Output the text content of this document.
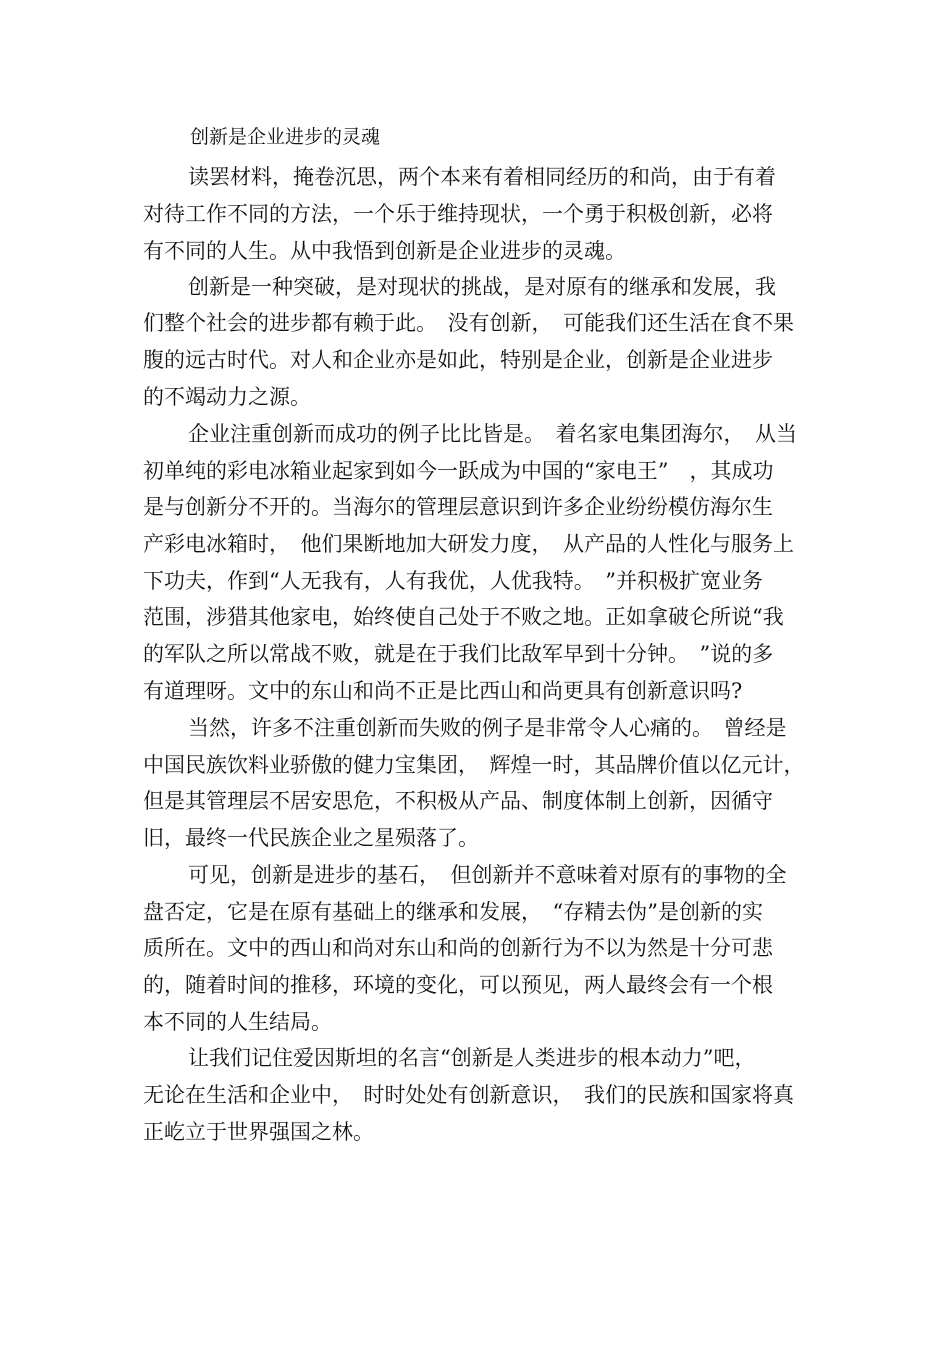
创新是企业进步的灵魂
读罢材料，掩卷沉思，两个本来有着相同经历的和尚，由于有着
对待工作不同的方法，一个乐于维持现状，一个勇于积极创新，必将
有不同的人生。从中我悟到创新是企业进步的灵魂。
创新是一种突破，是对现状的挑战，是对原有的继承和发展，我
们整个社会的进步都有赖于此。　没有创新，　可能我们还生活在食不果
腹的远古时代。对人和企业亦是如此，特别是企业，创新是企业进步
的不竭动力之源。
企业注重创新而成功的例子比比皆是。　着名家电集团海尔，　从当
初单纯的彩电冰箱业起家到如今一跃成为中国的“家电王”　，其成功
是与创新分不开的。当海尔的管理层意识到许多企业纷纷模仿海尔生
产彩电冰箱时，　他们果断地加大研发力度，　从产品的人性化与服务上
下功夫，作到“人无我有，人有我优，人优我特。　”并积极扩宽业务
范围，涉猎其他家电，始终使自己处于不败之地。正如拿破仑所说“我
的军队之所以常战不败，就是在于我们比敌军早到十分钟。　”说的多
有道理呀。文中的东山和尚不正是比西山和尚更具有创新意识吗?
当然，许多不注重创新而失败的例子是非常令人心痛的。　曾经是
中国民族饮料业骄傲的健力宝集团，　辉煌一时，其品牌价值以亿元计，
但是其管理层不居安思危，不积极从产品、制度体制上创新，因循守
旧，最终一代民族企业之星殒落了。
可见，创新是进步的基石，　但创新并不意味着对原有的事物的全
盘否定，它是在原有基础上的继承和发展，　“存精去伪”是创新的实
质所在。文中的西山和尚对东山和尚的创新行为不以为然是十分可悲
的，随着时间的推移，环境的变化，可以预见，两人最终会有一个根
本不同的人生结局。
让我们记住爱因斯坦的名言“创新是人类进步的根本动力”吧，
无论在生活和企业中，　时时处处有创新意识，　我们的民族和国家将真
正屹立于世界强国之林。
